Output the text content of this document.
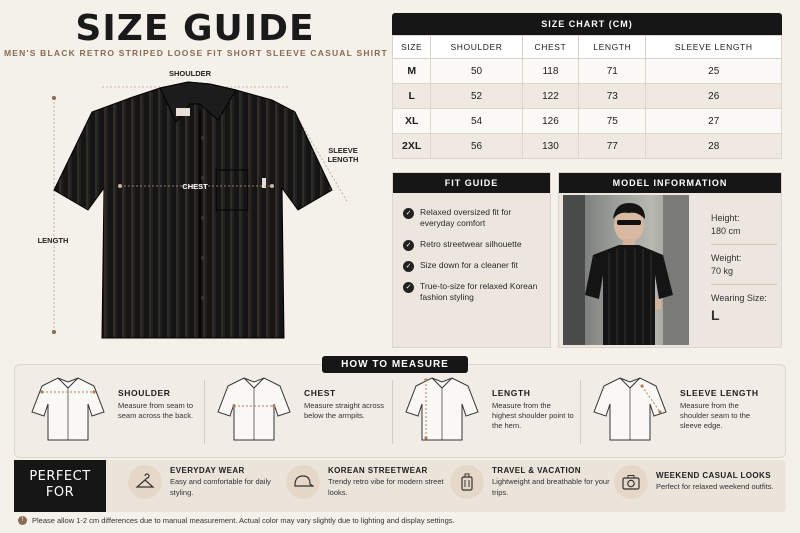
SIZE GUIDE
MEN'S BLACK RETRO STRIPED LOOSE FIT SHORT SLEEVE CASUAL SHIRT
SHOULDER
SLEEVE
LENGTH
CHEST
LENGTH
SIZE CHART (CM)
SIZE	SHOULDER	CHEST	LENGTH	SLEEVE LENGTH
M	50	118	71	25
L	52	122	73	26
XL	54	126	75	27
2XL	56	130	77	28
FIT GUIDE
✓	Relaxed oversized fit for everyday comfort
✓	Retro streetwear silhouette
✓	Size down for a cleaner fit
✓	True-to-size for relaxed Korean fashion styling
MODEL INFORMATION
Height:
180 cm
Weight:
70 kg
Wearing Size:
L
HOW TO MEASURE
SHOULDER

Measure from seam to seam across the back.

CHEST

Measure straight across below the armpits.

LENGTH

Measure from the highest shoulder point to the hem.

SLEEVE LENGTH

Measure from the shoulder seam to the sleeve edge.

PERFECT
FOR
EVERYDAY WEAR

Easy and comfortable for daily styling.

KOREAN STREETWEAR

Trendy retro vibe for modern street looks.

TRAVEL & VACATION

Lightweight and breathable for your trips.

WEEKEND CASUAL LOOKS

Perfect for relaxed weekend outfits.

!	Please allow 1-2 cm differences due to manual measurement. Actual color may vary slightly due to lighting and display settings.
